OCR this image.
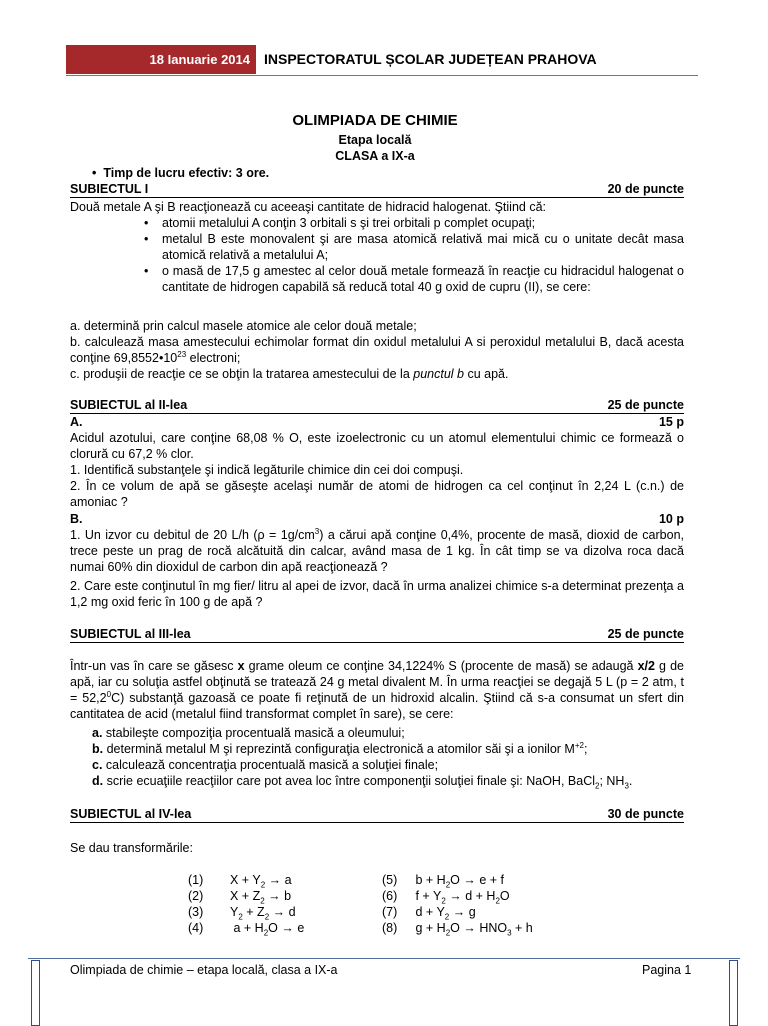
18 Ianuarie 2014	INSPECTORATUL ȘCOLAR JUDEȚEAN PRAHOVA
OLIMPIADA DE CHIMIE
Etapa locală
CLASA a IX-a
•  Timp de lucru efectiv: 3 ore.
SUBIECTUL I	20 de puncte
Două metale A şi B reacţionează cu aceeaşi cantitate de hidracid halogenat. Ştiind că:
• atomii metalului A conţin 3 orbitali s şi trei orbitali p complet ocupaţi;
• metalul B este monovalent şi are masa atomică relativă mai mică cu o unitate decât masa atomică relativă a metalului A;
• o masă de 17,5 g amestec al celor două metale formează în reacţie cu hidracidul halogenat o cantitate de hidrogen capabilă să reducă total 40 g oxid de cupru (II), se cere:
a. determină prin calcul masele atomice ale celor două metale;
b. calculează masa amestecului echimolar format din oxidul metalului A si peroxidul metalului B, dacă acesta conţine $69,8552•10^{23}$ electroni;
c. produşii de reacţie ce se obţin la tratarea amestecului de la punctul b cu apă.
SUBIECTUL al II-lea	25 de puncte
A.	15 p
Acidul azotului, care conţine 68,08 % O, este izoelectronic cu un atomul elementului chimic ce formează o clorură cu 67,2 % clor.
1. Identifică substanţele şi indică legăturile chimice din cei doi compuşi.
2. În ce volum de apă se găseşte acelaşi număr de atomi de hidrogen ca cel conţinut în 2,24 L (c.n.) de amoniac ?
B.	10 p
1. Un izvor cu debitul de 20 L/h $(\rho = 1g/cm^3)$ a cărui apă conţine 0,4%, procente de masă, dioxid de carbon, trece peste un prag de rocă alcătuită din calcar, având masa de 1 kg. În cât timp se va dizolva roca dacă numai 60% din dioxidul de carbon din apă reacţionează ?
2. Care este conţinutul în mg fier/ litru al apei de izvor, dacă în urma analizei chimice s-a determinat prezenţa a 1,2 mg oxid feric în 100 g de apă ?
SUBIECTUL al III-lea	25 de puncte
Într-un vas în care se găsesc x grame oleum ce conţine 34,1224% S (procente de masă) se adaugă x/2 g de apă, iar cu soluţia astfel obţinută se tratează 24 g metal divalent M. În urma reacţiei se degajă 5 L (p = 2 atm, $t = 52,2^0C$) substanţă gazoasă ce poate fi reţinută de un hidroxid alcalin. Ştiind că s-a consumat un sfert din cantitatea de acid (metalul fiind transformat complet în sare), se cere:
a. stabileşte compoziţia procentuală masică a oleumului;
b. determină metalul M şi reprezintă configuraţia electronică a atomilor săi şi a ionilor $M^{+2}$;
c. calculează concentraţia procentuală masică a soluţiei finale;
d. scrie ecuaţiile reacţiilor care pot avea loc între componenţii soluţiei finale şi: NaOH, BaCl$_2$; $NH_3$.
SUBIECTUL al IV-lea	30 de puncte
Se dau transformările:
(1) $X + Y_2 \to a$
(2) $X + Z_2 \to b$
(3) $Y_2 + Z_2 \to d$
(4) $a + H_2O \to e$
(5) $b + H_2O \to e + f$
(6) $f + Y_2 \to d + H_2O$
(7) $d + Y_2 \to g$
(8) $g + H_2O \to HNO_3 + h$
Olimpiada de chimie – etapa locală, clasa a IX-a	Pagina 1
